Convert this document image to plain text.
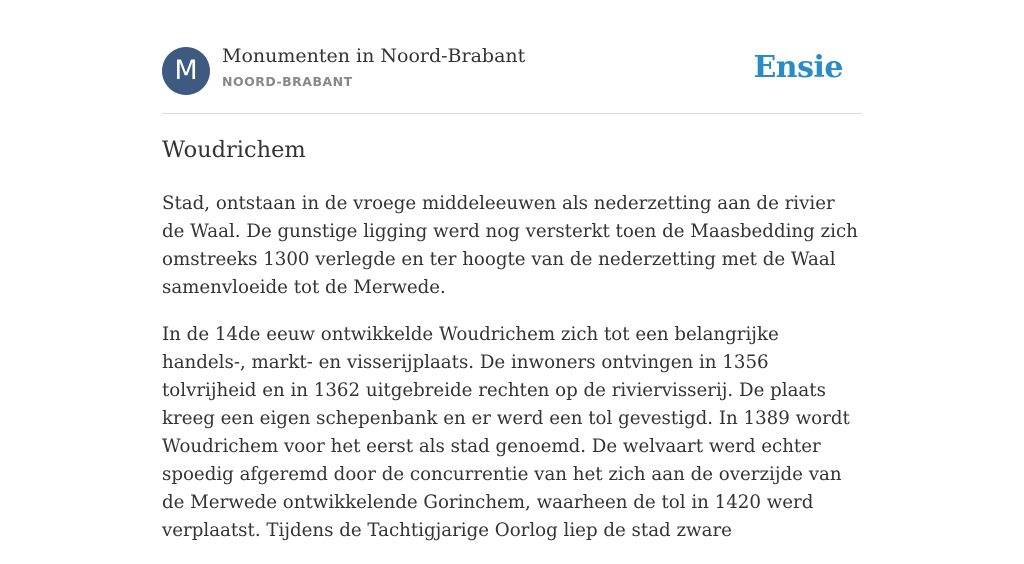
M	Monumenten in Noord-Brabant
NOORD-BRABANT	Ensie
Woudrichem

Stad, ontstaan in de vroege middeleeuwen als nederzetting aan de rivier de Waal. De gunstige ligging werd nog versterkt toen de Maasbedding zich omstreeks 1300 verlegde en ter hoogte van de nederzetting met de Waal samenvloeide tot de Merwede.

In de 14de eeuw ontwikkelde Woudrichem zich tot een belangrijke handels-, markt- en visserijplaats. De inwoners ontvingen in 1356 tolvrijheid en in 1362 uitgebreide rechten op de riviervisserij. De plaats kreeg een eigen schepenbank en er werd een tol gevestigd. In 1389 wordt Woudrichem voor het eerst als stad genoemd. De welvaart werd echter spoedig afgeremd door de concurrentie van het zich aan de overzijde van de Merwede ontwikkelende Gorinchem, waarheen de tol in 1420 werd verplaatst. Tijdens de Tachtigjarige Oorlog liep de stad zware
